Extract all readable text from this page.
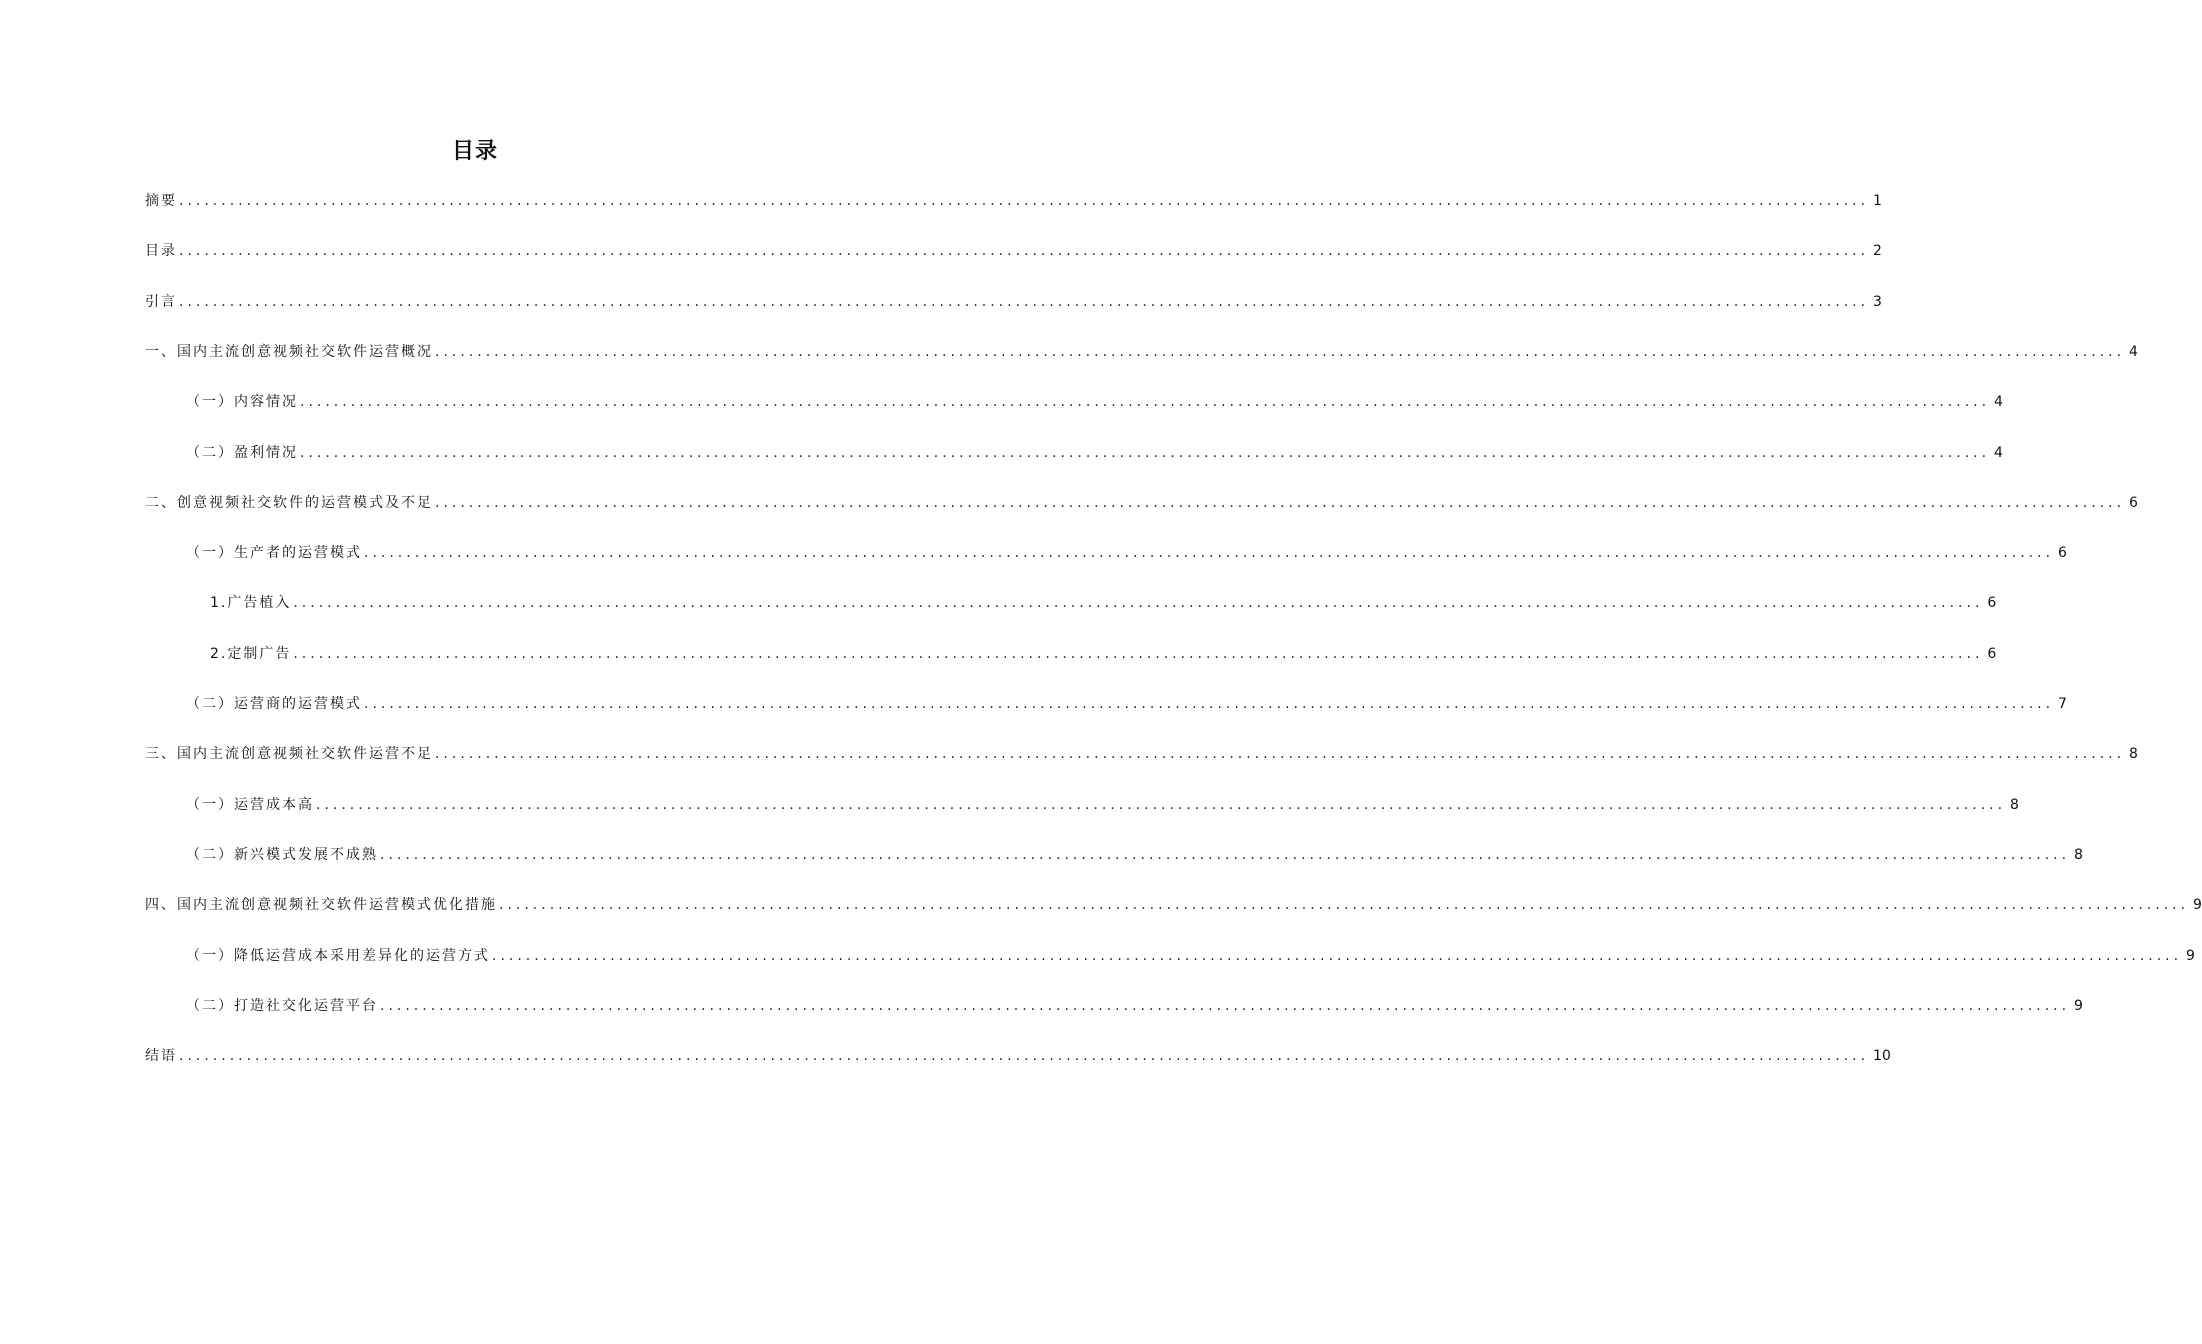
目录
摘要 ........................................................................................................................................................................................................ 1
目录 ........................................................................................................................................................................................................ 2
引言 ........................................................................................................................................................................................................ 3
一、国内主流创意视频社交软件运营概况 ........................................................................................................................................................................................................ 4
（一）内容情况 ........................................................................................................................................................................................................ 4
（二）盈利情况 ........................................................................................................................................................................................................ 4
二、创意视频社交软件的运营模式及不足 ........................................................................................................................................................................................................ 6
（一）生产者的运营模式 ........................................................................................................................................................................................................ 6
1.广告植入 ........................................................................................................................................................................................................ 6
2.定制广告 ........................................................................................................................................................................................................ 6
（二）运营商的运营模式 ........................................................................................................................................................................................................ 7
三、国内主流创意视频社交软件运营不足 ........................................................................................................................................................................................................ 8
（一）运营成本高 ........................................................................................................................................................................................................ 8
（二）新兴模式发展不成熟 ........................................................................................................................................................................................................ 8
四、国内主流创意视频社交软件运营模式优化措施 ........................................................................................................................................................................................................ 9
（一）降低运营成本采用差异化的运营方式 ........................................................................................................................................................................................................ 9
（二）打造社交化运营平台 ........................................................................................................................................................................................................ 9
结语 ........................................................................................................................................................................................................ 10
